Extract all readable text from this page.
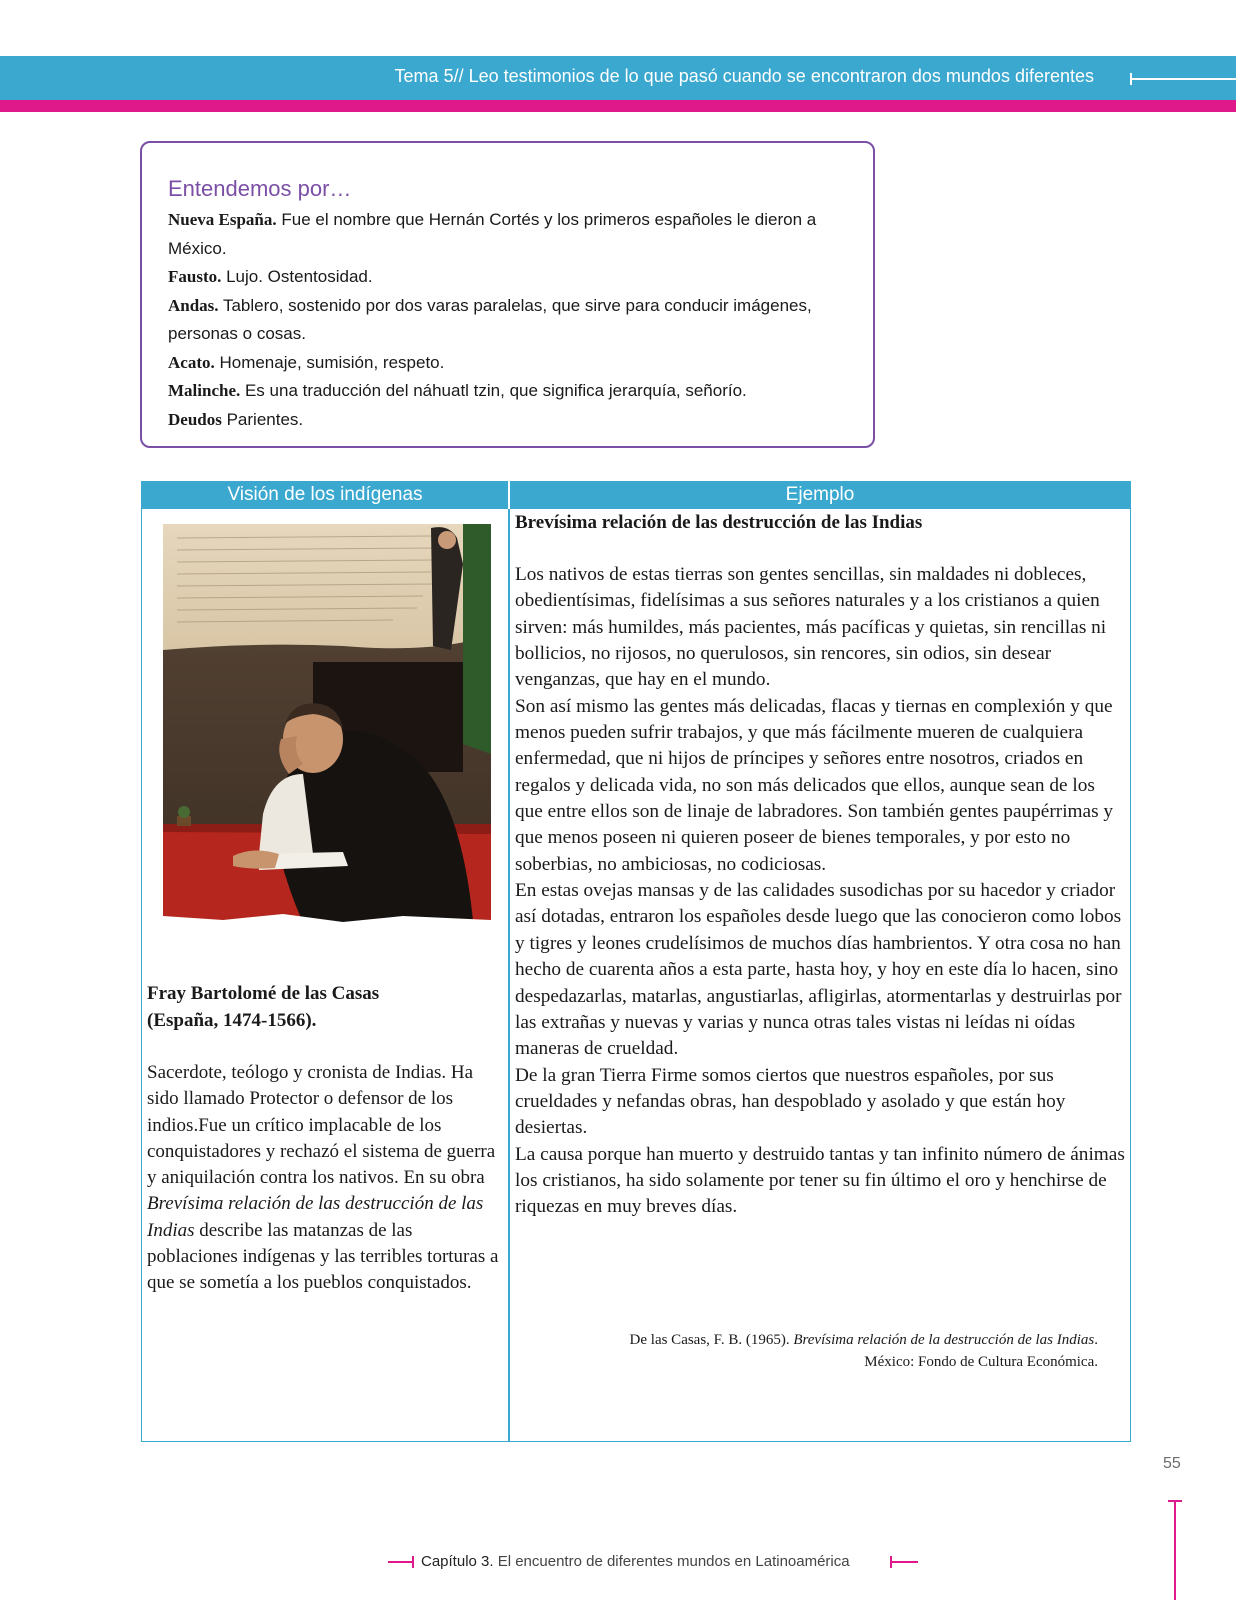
Tema 5// Leo testimonios de lo que pasó cuando se encontraron dos mundos diferentes
Entendemos por…
Nueva España. Fue el nombre que Hernán Cortés y los primeros españoles le dieron a México.
Fausto. Lujo. Ostentosidad.
Andas. Tablero, sostenido por dos varas paralelas, que sirve para conducir imágenes, personas o cosas.
Acato. Homenaje, sumisión, respeto.
Malinche. Es una traducción del náhuatl tzin, que significa jerarquía, señorío.
Deudos Parientes.
Visión de los indígenas	Ejemplo

Fray Bartolomé de las Casas
(España, 1474-1566).

Sacerdote, teólogo y cronista de Indias. Ha sido llamado Protector o defensor de los indios.Fue un crítico implacable de los conquistadores y rechazó el sistema de guerra y aniquilación contra los nativos. En su obra Brevísima relación de las destrucción de las Indias describe las matanzas de las poblaciones indígenas y las terribles torturas a que se sometía a los pueblos conquistados.

Brevísima relación de las destrucción de las Indias

Los nativos de estas tierras son gentes sencillas, sin maldades ni dobleces, obedientísimas, fidelísimas a sus señores naturales y a los cristianos a quien sirven: más humildes, más pacientes, más pacíficas y quietas, sin rencillas ni bollicios, no rijosos, no querulosos, sin rencores, sin odios, sin desear venganzas, que hay en el mundo.

Son así mismo las gentes más delicadas, flacas y tiernas en complexión y que menos pueden sufrir trabajos, y que más fácilmente mueren de cualquiera enfermedad, que ni hijos de príncipes y señores entre nosotros, criados en regalos y delicada vida, no son más delicados que ellos, aunque sean de los que entre ellos son de linaje de labradores. Son también gentes paupérrimas y que menos poseen ni quieren poseer de bienes temporales, y por esto no soberbias, no ambiciosas, no codiciosas.

En estas ovejas mansas y de las calidades susodichas por su hacedor y criador así dotadas, entraron los españoles desde luego que las conocieron como lobos y tigres y leones crudelísimos de muchos días hambrientos. Y otra cosa no han hecho de cuarenta años a esta parte, hasta hoy, y hoy en este día lo hacen, sino despedazarlas, matarlas, angustiarlas, afligirlas, atormentarlas y destruirlas por las extrañas y nuevas y varias y nunca otras tales vistas ni leídas ni oídas maneras de crueldad.

De la gran Tierra Firme somos ciertos que nuestros españoles, por sus crueldades y nefandas obras, han despoblado y asolado y que están hoy desiertas.

La causa porque han muerto y destruido tantas y tan infinito número de ánimas los cristianos, ha sido solamente por tener su fin último el oro y henchirse de riquezas en muy breves días.

De las Casas, F. B. (1965). Brevísima relación de la destrucción de las Indias.
México: Fondo de Cultura Económica.

55
Capítulo 3. El encuentro de diferentes mundos en Latinoamérica
